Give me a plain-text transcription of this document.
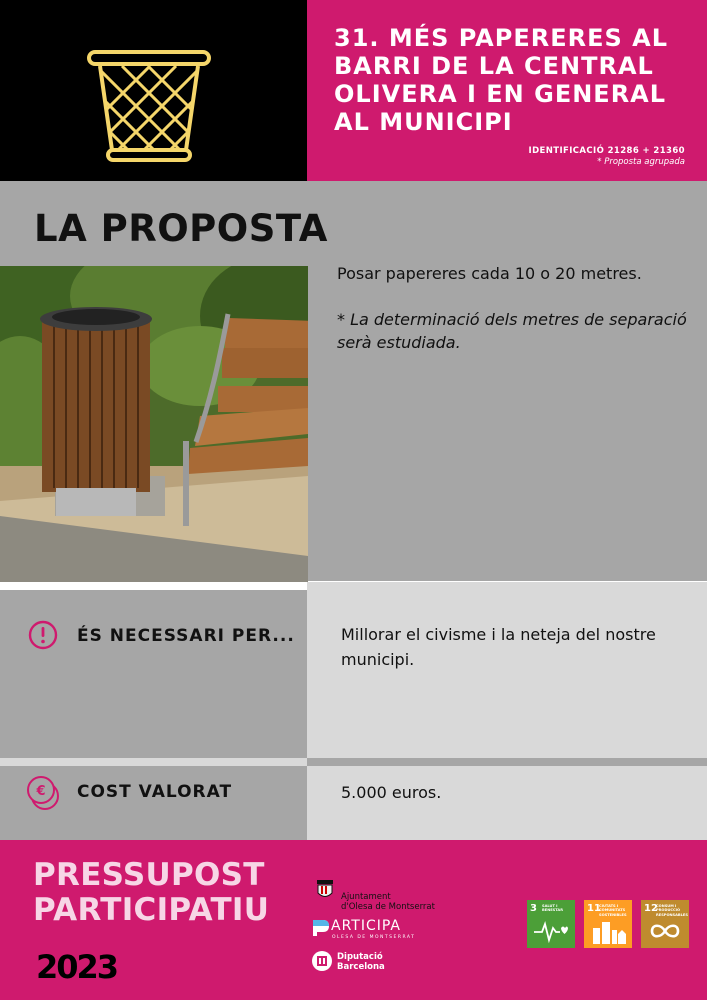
31. MÉS PAPERERES AL BARRI DE LA CENTRAL OLIVERA I EN GENERAL AL MUNICIPI
IDENTIFICACIÓ 21286 + 21360
* Proposta agrupada
LA PROPOSTA
Posar papereres cada 10 o 20 metres.
* La determinació dels metres de separació serà estudiada.
ÉS NECESSARI PER...	Millorar el civisme i la neteja del nostre municipi.
€ COST VALORAT	5.000 euros.
PRESSUPOST
PARTICIPATIU
2023
Ajuntament
d'Olesa de Montserrat
ARTICIPA
OLESA DE MONTSERRAT
Diputació
Barcelona
3 SALUT I BENESTAR	11
CIUTATS I COMUNITATS SOSTENIBLES
12
CONSUM I PRODUCCIÓ RESPONSABLES
